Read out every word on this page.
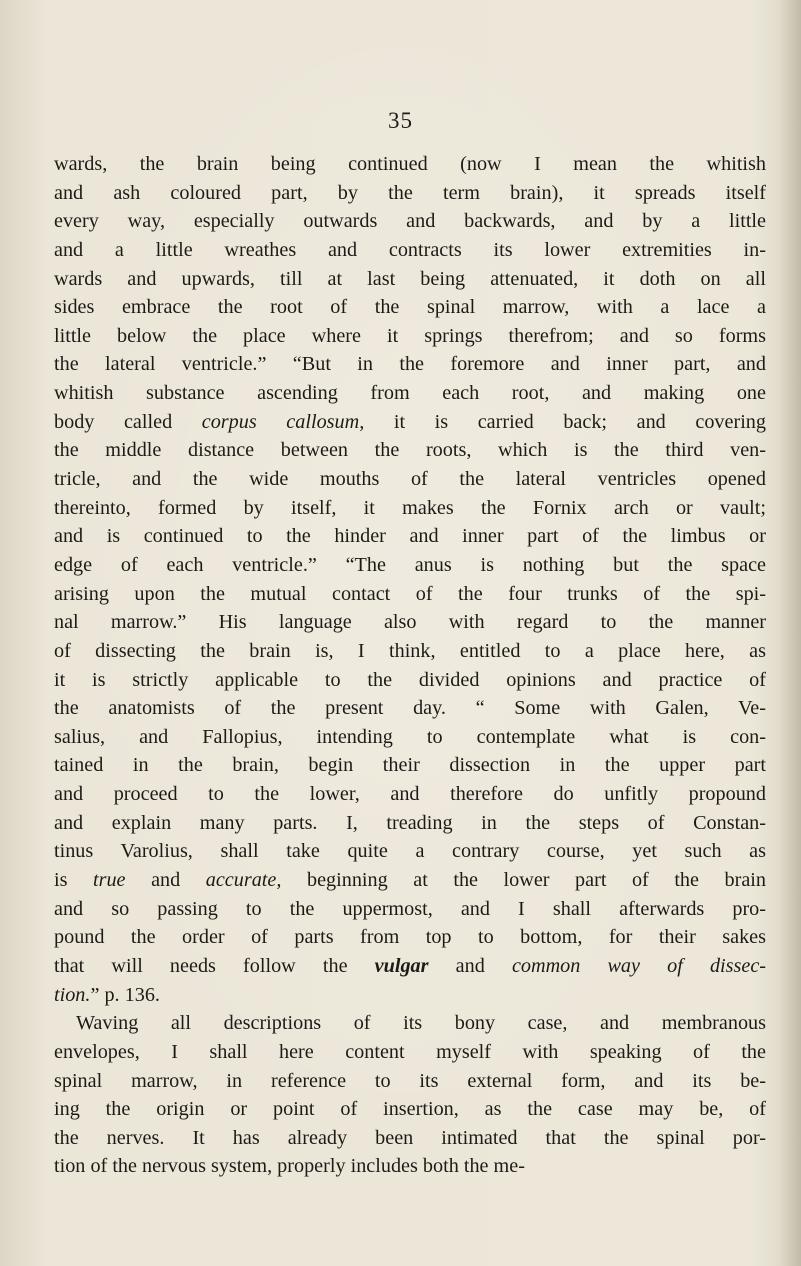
35
wards, the brain being continued (now I mean the whitish
and ash coloured part, by the term brain), it spreads itself
every way, especially outwards and backwards, and by a little
and a little wreathes and contracts its lower extremities in-
wards and upwards, till at last being attenuated, it doth on all
sides embrace the root of the spinal marrow, with a lace a
little below the place where it springs therefrom; and so forms
the lateral ventricle.” “But in the foremore and inner part, and
whitish substance ascending from each root, and making one
body called corpus callosum, it is carried back; and covering
the middle distance between the roots, which is the third ven-
tricle, and the wide mouths of the lateral ventricles opened
thereinto, formed by itself, it makes the Fornix arch or vault;
and is continued to the hinder and inner part of the limbus or
edge of each ventricle.” “The anus is nothing but the space
arising upon the mutual contact of the four trunks of the spi-
nal marrow.” His language also with regard to the manner
of dissecting the brain is, I think, entitled to a place here, as
it is strictly applicable to the divided opinions and practice of
the anatomists of the present day. “ Some with Galen, Ve-
salius, and Fallopius, intending to contemplate what is con-
tained in the brain, begin their dissection in the upper part
and proceed to the lower, and therefore do unfitly propound
and explain many parts. I, treading in the steps of Constan-
tinus Varolius, shall take quite a contrary course, yet such as
is true and accurate, beginning at the lower part of the brain
and so passing to the uppermost, and I shall afterwards pro-
pound the order of parts from top to bottom, for their sakes
that will needs follow the vulgar and common way of dissec-
tion.” p. 136.
Waving all descriptions of its bony case, and membranous
envelopes, I shall here content myself with speaking of the
spinal marrow, in reference to its external form, and its be-
ing the origin or point of insertion, as the case may be, of
the nerves. It has already been intimated that the spinal por-
tion of the nervous system, properly includes both the me-
